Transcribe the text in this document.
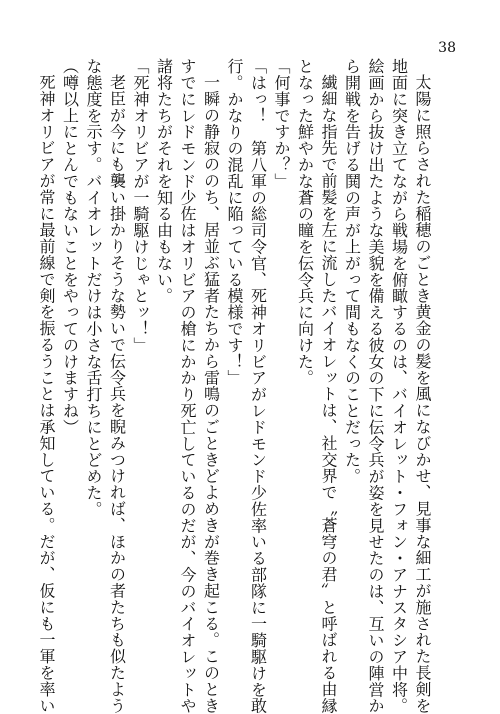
38
太陽に照らされた稲穂のごとき黄金の髪を風になびかせ、見事な細工が施された長剣を
地面に突き立てながら戦場を俯瞰するのは、バイオレット・フォン・アナスタシア中将。
絵画から抜け出たような美貌を備える彼女の下に伝令兵が姿を見せたのは、互いの陣営か
ら開戦を告げる鬨の声が上がって間もなくのことだった。
繊細な指先で前髪を左に流したバイオレットは、社交界で〝蒼穹の君〟と呼ばれる由縁
となった鮮やかな蒼の瞳を伝令兵に向けた。
「何事ですか？」
「はっ！　第八軍の総司令官、死神オリビアがレドモンド少佐率いる部隊に一騎駆けを敢
行。かなりの混乱に陥っている模様です！」
一瞬の静寂ののち、居並ぶ猛者たちから雷鳴のごときどよめきが巻き起こる。このとき
すでにレドモンド少佐はオリビアの槍にかかり死亡しているのだが、今のバイオレットや
諸将たちがそれを知る由もない。
「死神オリビアが一騎駆けじゃとッ！」
老臣が今にも襲い掛かりそうな勢いで伝令兵を睨みつければ、ほかの者たちも似たよう
な態度を示す。バイオレットだけは小さな舌打ちにとどめた。
（噂以上にとんでもないことをやってのけますね）
死神オリビアが常に最前線で剣を振るうことは承知している。だが、仮にも一軍を率い
